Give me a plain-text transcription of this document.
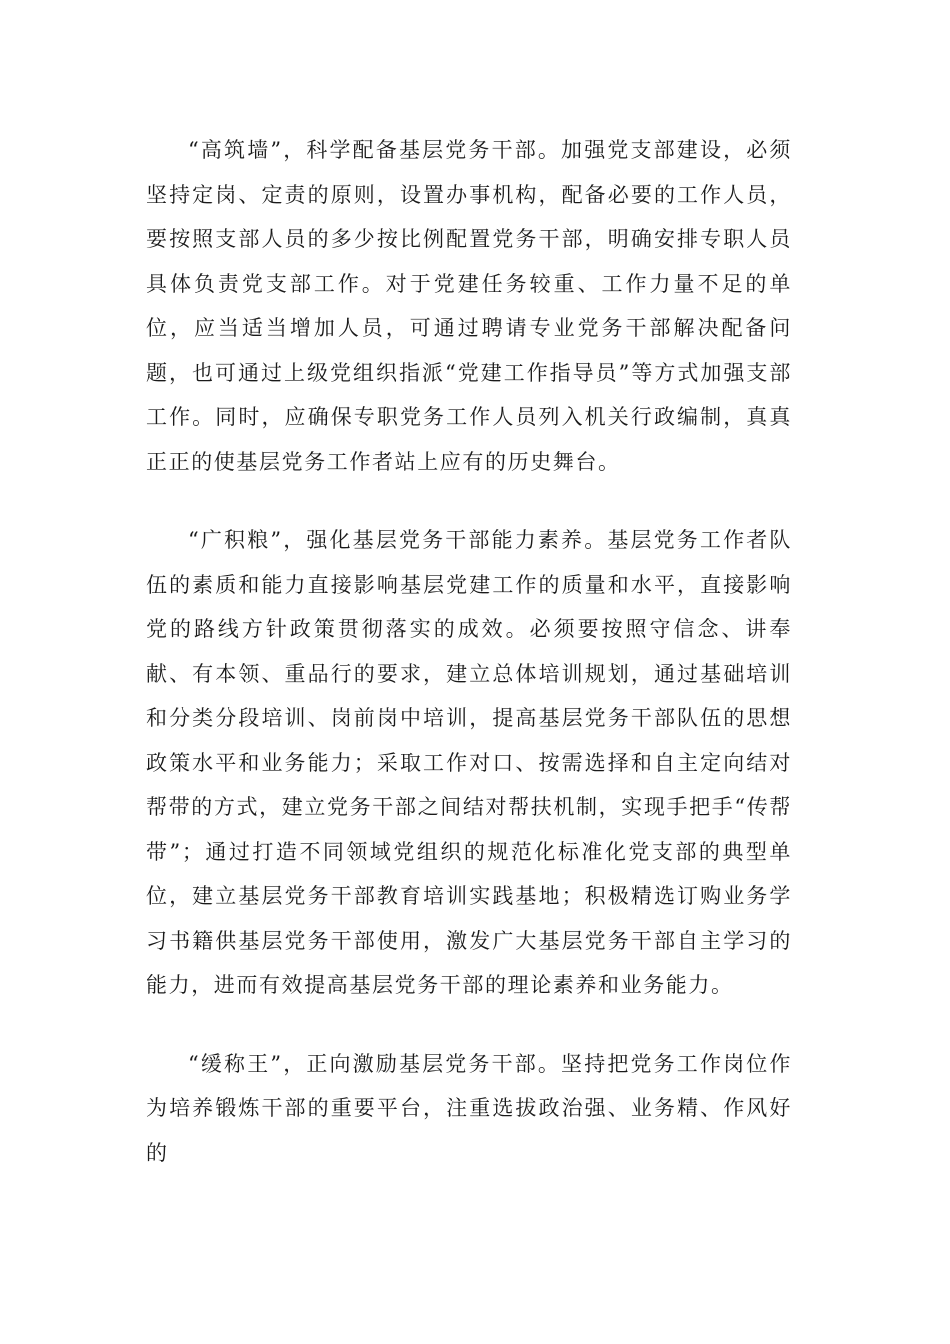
“高筑墙”，科学配备基层党务干部。加强党支部建设，必须坚持定岗、定责的原则，设置办事机构，配备必要的工作人员，要按照支部人员的多少按比例配置党务干部，明确安排专职人员具体负责党支部工作。对于党建任务较重、工作力量不足的单位，应当适当增加人员，可通过聘请专业党务干部解决配备问题，也可通过上级党组织指派“党建工作指导员”等方式加强支部工作。同时，应确保专职党务工作人员列入机关行政编制，真真正正的使基层党务工作者站上应有的历史舞台。

“广积粮”，强化基层党务干部能力素养。基层党务工作者队伍的素质和能力直接影响基层党建工作的质量和水平，直接影响党的路线方针政策贯彻落实的成效。必须要按照守信念、讲奉献、有本领、重品行的要求，建立总体培训规划，通过基础培训和分类分段培训、岗前岗中培训，提高基层党务干部队伍的思想政策水平和业务能力；采取工作对口、按需选择和自主定向结对帮带的方式，建立党务干部之间结对帮扶机制，实现手把手“传帮带”；通过打造不同领域党组织的规范化标准化党支部的典型单位，建立基层党务干部教育培训实践基地；积极精选订购业务学习书籍供基层党务干部使用，激发广大基层党务干部自主学习的能力，进而有效提高基层党务干部的理论素养和业务能力。

“缓称王”，正向激励基层党务干部。坚持把党务工作岗位作为培养锻炼干部的重要平台，注重选拔政治强、业务精、作风好的
